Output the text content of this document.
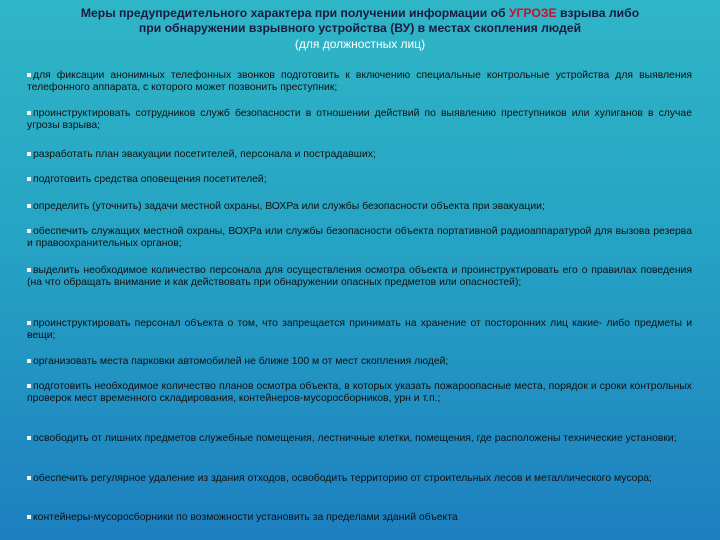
Меры предупредительного характера при получении информации об УГРОЗЕ взрыва либо
при обнаружении взрывного устройства (ВУ) в местах скопления людей
(для должностных лиц)
для фиксации анонимных телефонных звонков подготовить к включению специальные контрольные устройства для выявления телефонного аппарата, с которого может позвонить преступник;
проинструктировать сотрудников служб безопасности в отношении действий по выявлению преступников или хулиганов в случае угрозы взрыва;
разработать план эвакуации посетителей, персонала и пострадавших;
подготовить средства оповещения посетителей;
определить (уточнить) задачи местной охраны, ВОХРа или службы безопасности объекта при эвакуации;
обеспечить служащих местной охраны, ВОХРа или службы безопасности объекта портативной радиоаппаратурой для вызова резерва и правоохранительных органов;
выделить необходимое количество персонала для осуществления осмотра объекта и проинструктировать его о правилах поведения (на что обращать внимание и как действовать при обнаружении опасных предметов или опасностей);
проинструктировать персонал объекта о том, что запрещается принимать на хранение от посторонних лиц какие- либо предметы и вещи;
организовать места парковки автомобилей не ближе 100 м от мест скопления людей;
подготовить необходимое количество планов осмотра объекта, в которых указать пожароопасные места, порядок и сроки контрольных проверок мест временного складирования, контейнеров-мусоросборников, урн и т.п.;
освободить от лишних предметов служебные помещения, лестничные клетки, помещения, где расположены технические установки;
обеспечить регулярное удаление из здания отходов, освободить территорию от строительных лесов и металлического мусора;
контейнеры-мусоросборники по возможности установить за пределами зданий объекта
